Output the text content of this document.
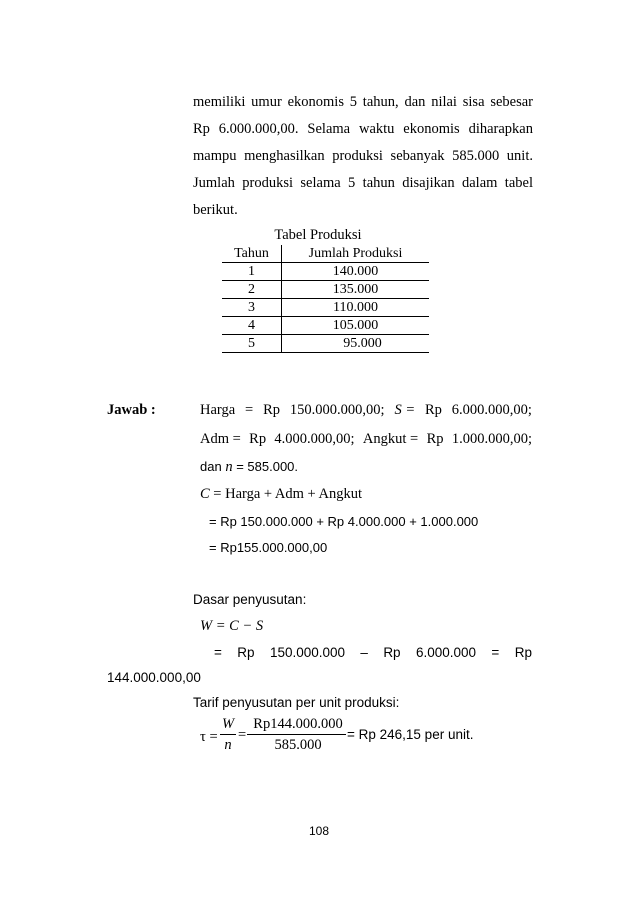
memiliki umur ekonomis 5 tahun, dan nilai sisa sebesar
Rp 6.000.000,00. Selama waktu ekonomis diharapkan
mampu menghasilkan produksi sebanyak 585.000 unit.
Jumlah produksi selama 5 tahun disajikan dalam tabel
berikut.
Tabel Produksi
Tahun	Jumlah Produksi
1	140.000
2	135.000
3	110.000
4	105.000
5	95.000
Jawab :	Harga = Rp 150.000.000,00; S = Rp 6.000.000,00;
Adm = Rp 4.000.000,00; Angkut = Rp 1.000.000,00;
dan n = 585.000.
C = Harga + Adm + Angkut
= Rp 150.000.000 + Rp 4.000.000 + 1.000.000
= Rp155.000.000,00
Dasar penyusutan:
W = C − S
= Rp 150.000.000 – Rp 6.000.000 = Rp
144.000.000,00
Tarif penyusutan per unit produksi:
τ =
W
n
=
Rp144.000.000
585.000
= Rp 246,15 per unit.
108
